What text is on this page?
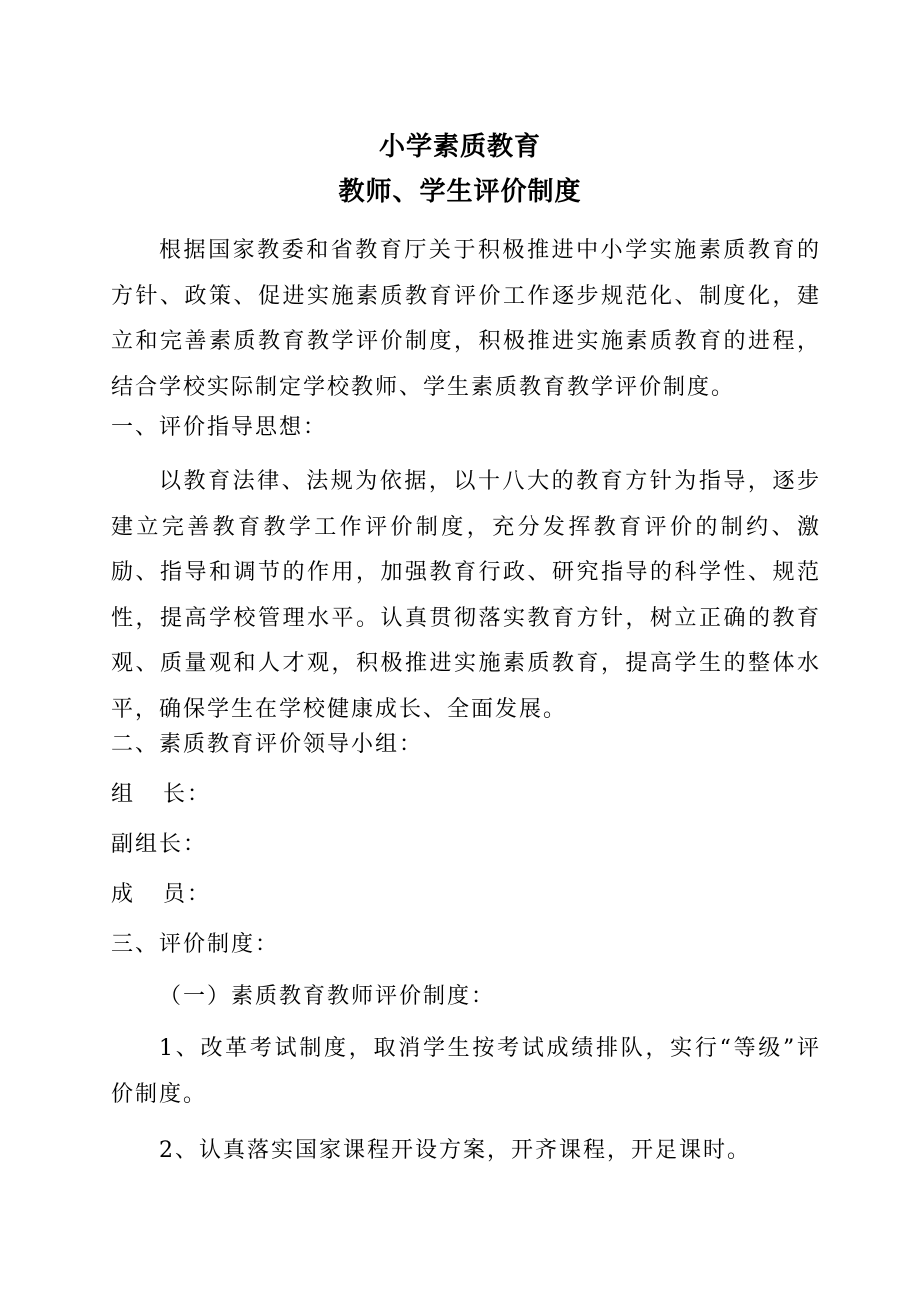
小学素质教育
教师、学生评价制度

根据国家教委和省教育厅关于积极推进中小学实施素质教育的方针、政策、促进实施素质教育评价工作逐步规范化、制度化，建立和完善素质教育教学评价制度，积极推进实施素质教育的进程，结合学校实际制定学校教师、学生素质教育教学评价制度。

一、评价指导思想：

以教育法律、法规为依据，以十八大的教育方针为指导，逐步建立完善教育教学工作评价制度，充分发挥教育评价的制约、激励、指导和调节的作用，加强教育行政、研究指导的科学性、规范性，提高学校管理水平。认真贯彻落实教育方针，树立正确的教育观、质量观和人才观，积极推进实施素质教育，提高学生的整体水平，确保学生在学校健康成长、全面发展。

二、素质教育评价领导小组：
组 长：
副组长：
成 员：
三、评价制度：
（一）素质教育教师评价制度：

1、改革考试制度，取消学生按考试成绩排队，实行“等级”评价制度。

2、认真落实国家课程开设方案，开齐课程，开足课时。
